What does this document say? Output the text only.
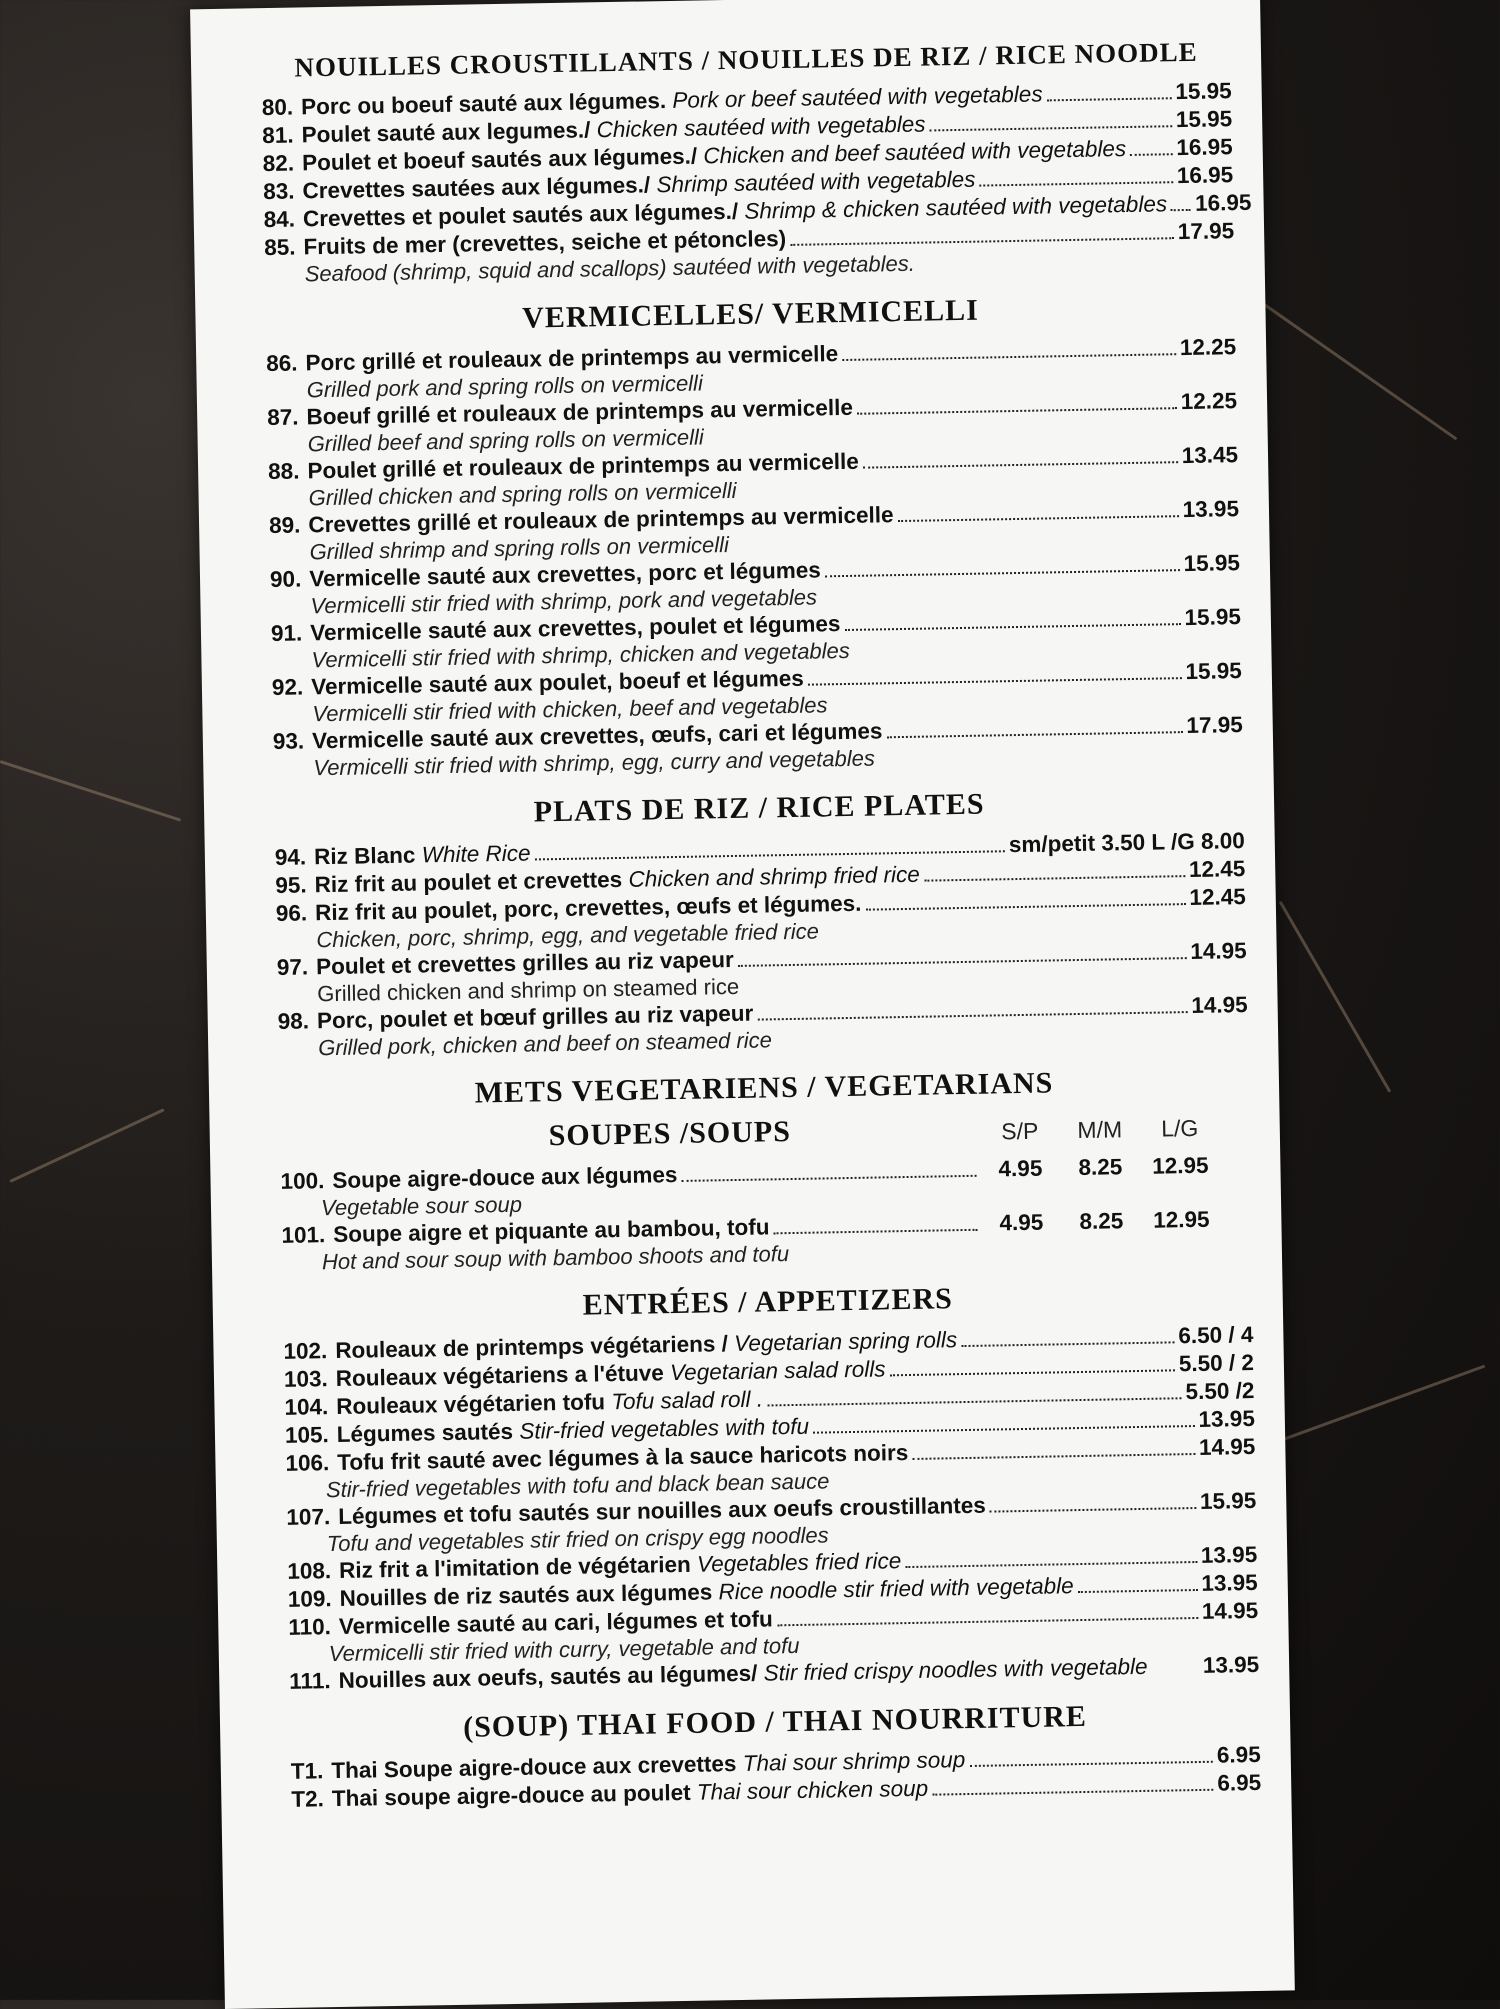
NOUILLES CROUSTILLANTS / NOUILLES DE RIZ / RICE NOODLE
80. Porc ou boeuf sauté aux légumes.
Pork or beef sautéed with vegetables	15.95
81. Poulet sauté aux legumes./
Chicken sautéed with vegetables	15.95
82. Poulet et boeuf sautés aux légumes./
Chicken and beef sautéed with vegetables 16.95
83. Crevettes sautées aux légumes./
Shrimp sautéed with vegetables	16.95
84. Crevettes et poulet sautés aux légumes./
Shrimp & chicken sautéed with vegetables 16.95
85. Fruits de mer (crevettes, seiche et pétoncles)	17.95
Seafood (shrimp, squid and scallops) sautéed with vegetables.
VERMICELLES/ VERMICELLI
86. Porc grillé et rouleaux de printemps au vermicelle	12.25
Grilled pork and spring rolls on vermicelli
87. Boeuf grillé et rouleaux de printemps au vermicelle	12.25
Grilled beef and spring rolls on vermicelli
88. Poulet grillé et rouleaux de printemps au vermicelle	13.45
Grilled chicken and spring rolls on vermicelli
89. Crevettes grillé et rouleaux de printemps au vermicelle	13.95
Grilled shrimp and spring rolls on vermicelli
90. Vermicelle sauté aux crevettes, porc et légumes	15.95
Vermicelli stir fried with shrimp, pork and vegetables
91. Vermicelle sauté aux crevettes, poulet et légumes	15.95
Vermicelli stir fried with shrimp, chicken and vegetables
92. Vermicelle sauté aux poulet, boeuf et légumes	15.95
Vermicelli stir fried with chicken, beef and vegetables
93. Vermicelle sauté aux crevettes, œufs, cari et légumes	17.95
Vermicelli stir fried with shrimp, egg, curry and vegetables
PLATS DE RIZ / RICE PLATES
94. Riz Blanc
White Rice	sm/petit 3.50 L /G 8.00
95. Riz frit au poulet et crevettes
Chicken and shrimp fried rice	12.45
96. Riz frit au poulet, porc, crevettes, œufs et légumes.	12.45
Chicken, porc, shrimp, egg, and vegetable fried rice
97. Poulet et crevettes grilles au riz vapeur	14.95
Grilled chicken and shrimp on steamed rice
98. Porc, poulet et bœuf grilles au riz vapeur	14.95
Grilled pork, chicken and beef on steamed rice
METS VEGETARIENS / VEGETARIANS
SOUPES /SOUPS	S/P	M/M	L/G
100. Soupe aigre-douce aux légumes	4.95	8.25	12.95
Vegetable sour soup
101. Soupe aigre et piquante au bambou, tofu	4.95	8.25	12.95
Hot and sour soup with bamboo shoots and tofu
ENTRÉES / APPETIZERS
102. Rouleaux de printemps végétariens /
Vegetarian spring rolls	6.50 / 4
103. Rouleaux végétariens a l'étuve
Vegetarian salad rolls	5.50 / 2
104. Rouleaux végétarien tofu
Tofu salad roll .	5.50 /2
105. Légumes sautés
Stir-fried vegetables with tofu	13.95
106. Tofu frit sauté avec légumes à la sauce haricots noirs	14.95
Stir-fried vegetables with tofu and black bean sauce
107. Légumes et tofu sautés sur nouilles aux oeufs croustillantes	15.95
Tofu and vegetables stir fried on crispy egg noodles
108. Riz frit a l'imitation de végétarien
Vegetables fried rice	13.95
109. Nouilles de riz sautés aux légumes
Rice noodle stir fried with vegetable	13.95
110. Vermicelle sauté au cari, légumes et tofu	14.95
Vermicelli stir fried with curry, vegetable and tofu
111. Nouilles aux oeufs, sautés au légumes/
Stir fried crispy noodles with vegetable 13.95
(SOUP) THAI FOOD / THAI NOURRITURE
T1. Thai Soupe aigre-douce aux crevettes
Thai sour shrimp soup	6.95
T2. Thai soupe aigre-douce au poulet
Thai sour chicken soup	6.95
